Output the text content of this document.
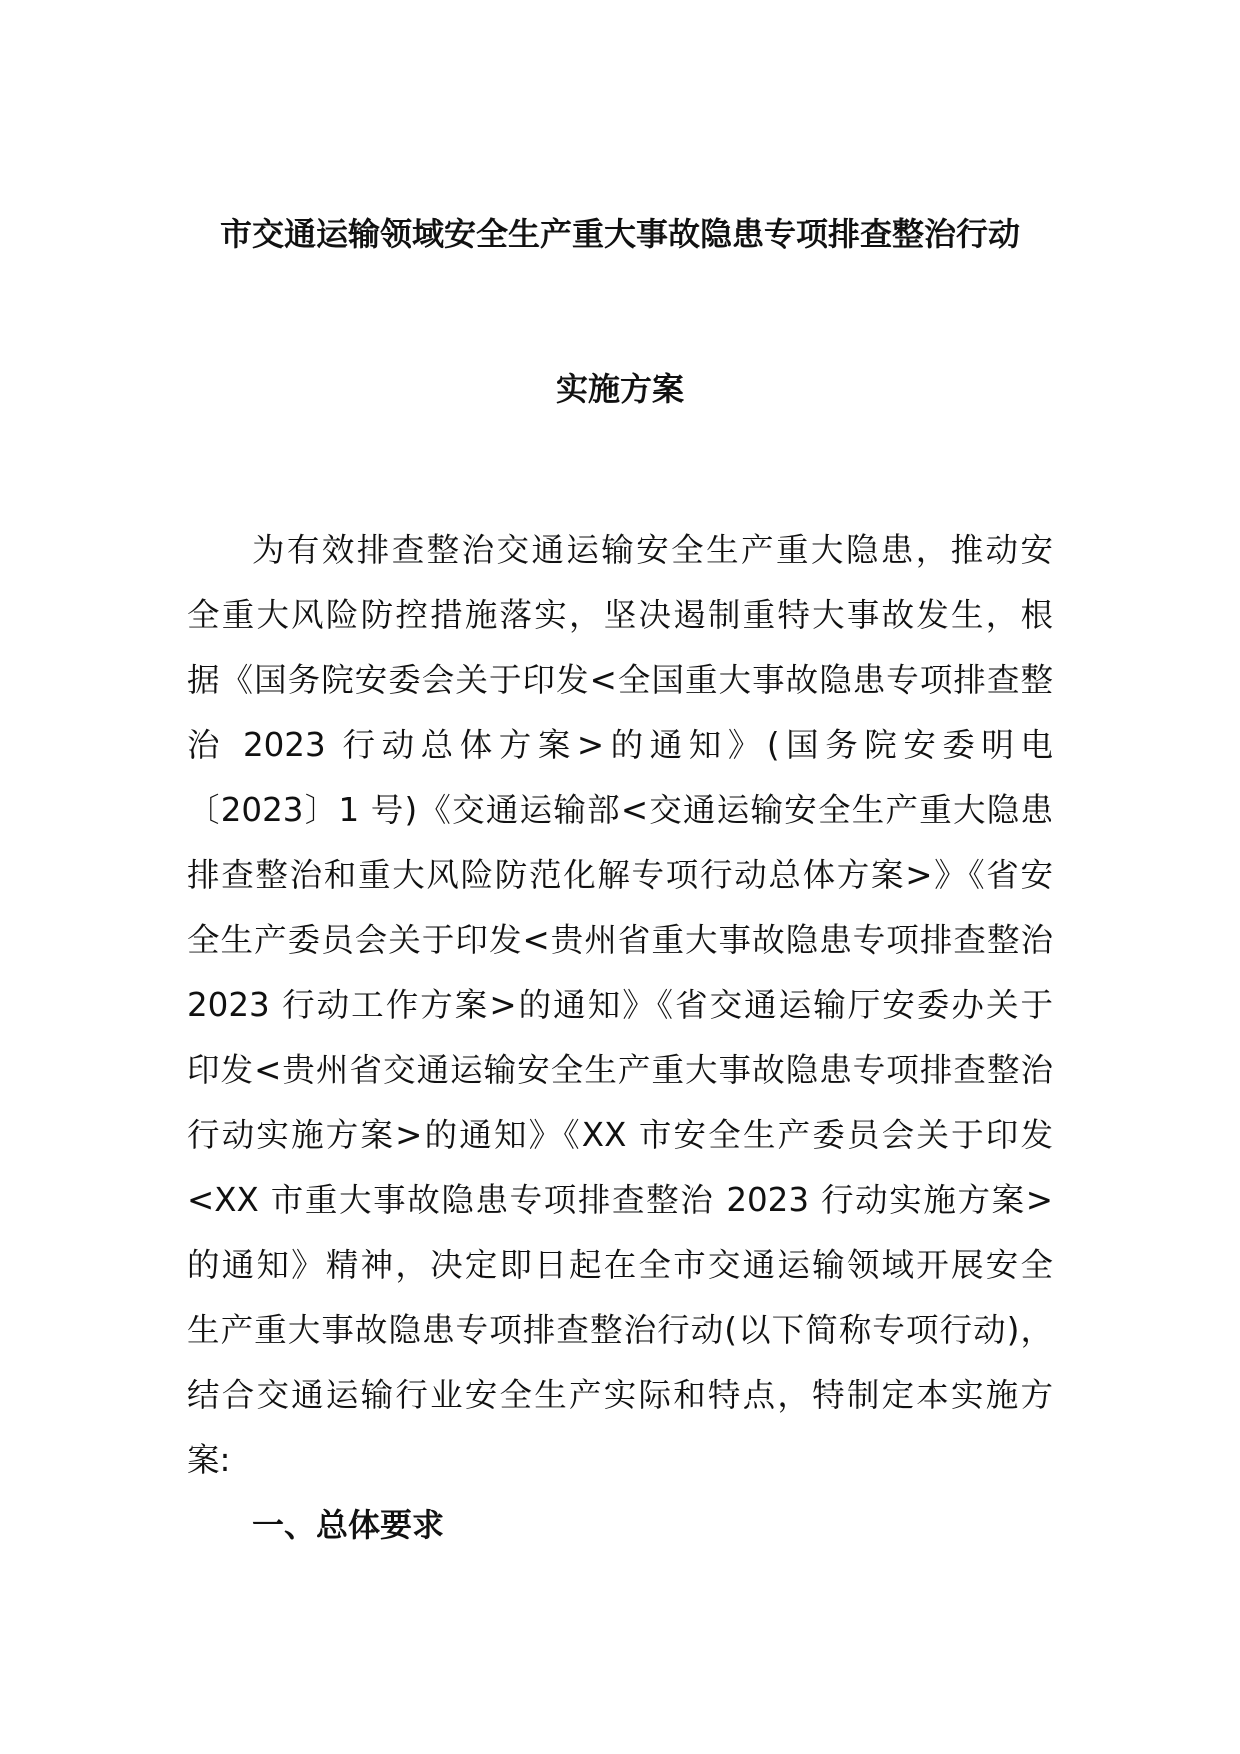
市交通运输领域安全生产重大事故隐患专项排查整治行动
实施方案
为有效排查整治交通运输安全生产重大隐患，推动安
全重大风险防控措施落实，坚决遏制重特大事故发生，根
据《国务院安委会关于印发<全国重大事故隐患专项排查整
治 2023 行动总体方案>的通知》(国务院安委明电
〔2023〕1 号)《交通运输部<交通运输安全生产重大隐患
排查整治和重大风险防范化解专项行动总体方案>》《省安
全生产委员会关于印发<贵州省重大事故隐患专项排查整治
2023 行动工作方案>的通知》《省交通运输厅安委办关于
印发<贵州省交通运输安全生产重大事故隐患专项排查整治
行动实施方案>的通知》《XX 市安全生产委员会关于印发
<XX 市重大事故隐患专项排查整治 2023 行动实施方案>
的通知》精神，决定即日起在全市交通运输领域开展安全
生产重大事故隐患专项排查整治行动(以下简称专项行动)，
结合交通运输行业安全生产实际和特点，特制定本实施方
案:
一、总体要求
